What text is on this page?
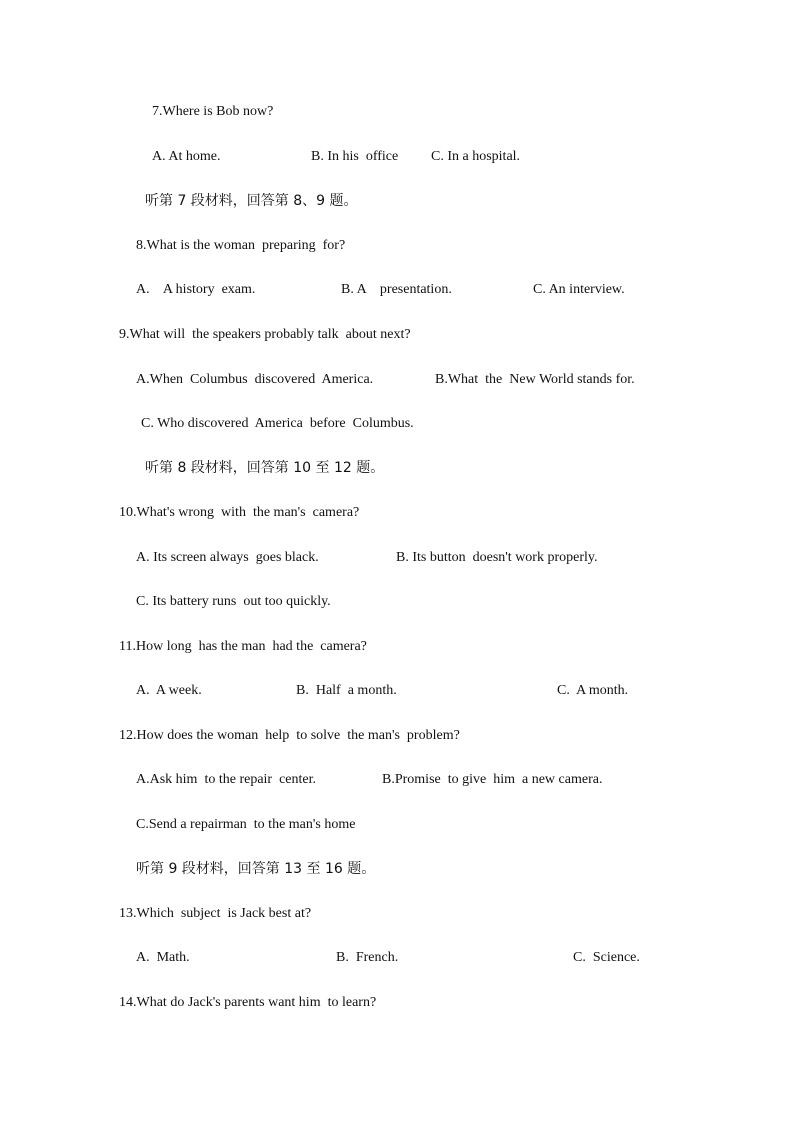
7.Where is Bob now?
A. At home.	B. In his  office C. In a hospital.
听第 7 段材料，回答第 8、9 题。
8.What is the woman  preparing  for?
A.    A history  exam.	B. A    presentation.	C. An interview.
9.What will  the speakers probably talk  about next?
A.When  Columbus  discovered  America.	B.What  the  New World stands for.
C. Who discovered  America  before  Columbus.
听第 8 段材料，回答第 10 至 12 题。
10.What's wrong  with  the man's  camera?
A. Its screen always  goes black.	B. Its button  doesn't work properly.
C. Its battery runs  out too quickly.
11.How long  has the man  had the  camera?
A.  A week.	B.  Half  a month.	C.  A month.
12.How does the woman  help  to solve  the man's  problem?
A.Ask him  to the repair  center.	B.Promise  to give  him  a new camera.
C.Send a repairman  to the man's home
听第 9 段材料，回答第 13 至 16 题。
13.Which  subject  is Jack best at?
A.  Math.	B.  French.	C.  Science.
14.What do Jack's parents want him  to learn?
